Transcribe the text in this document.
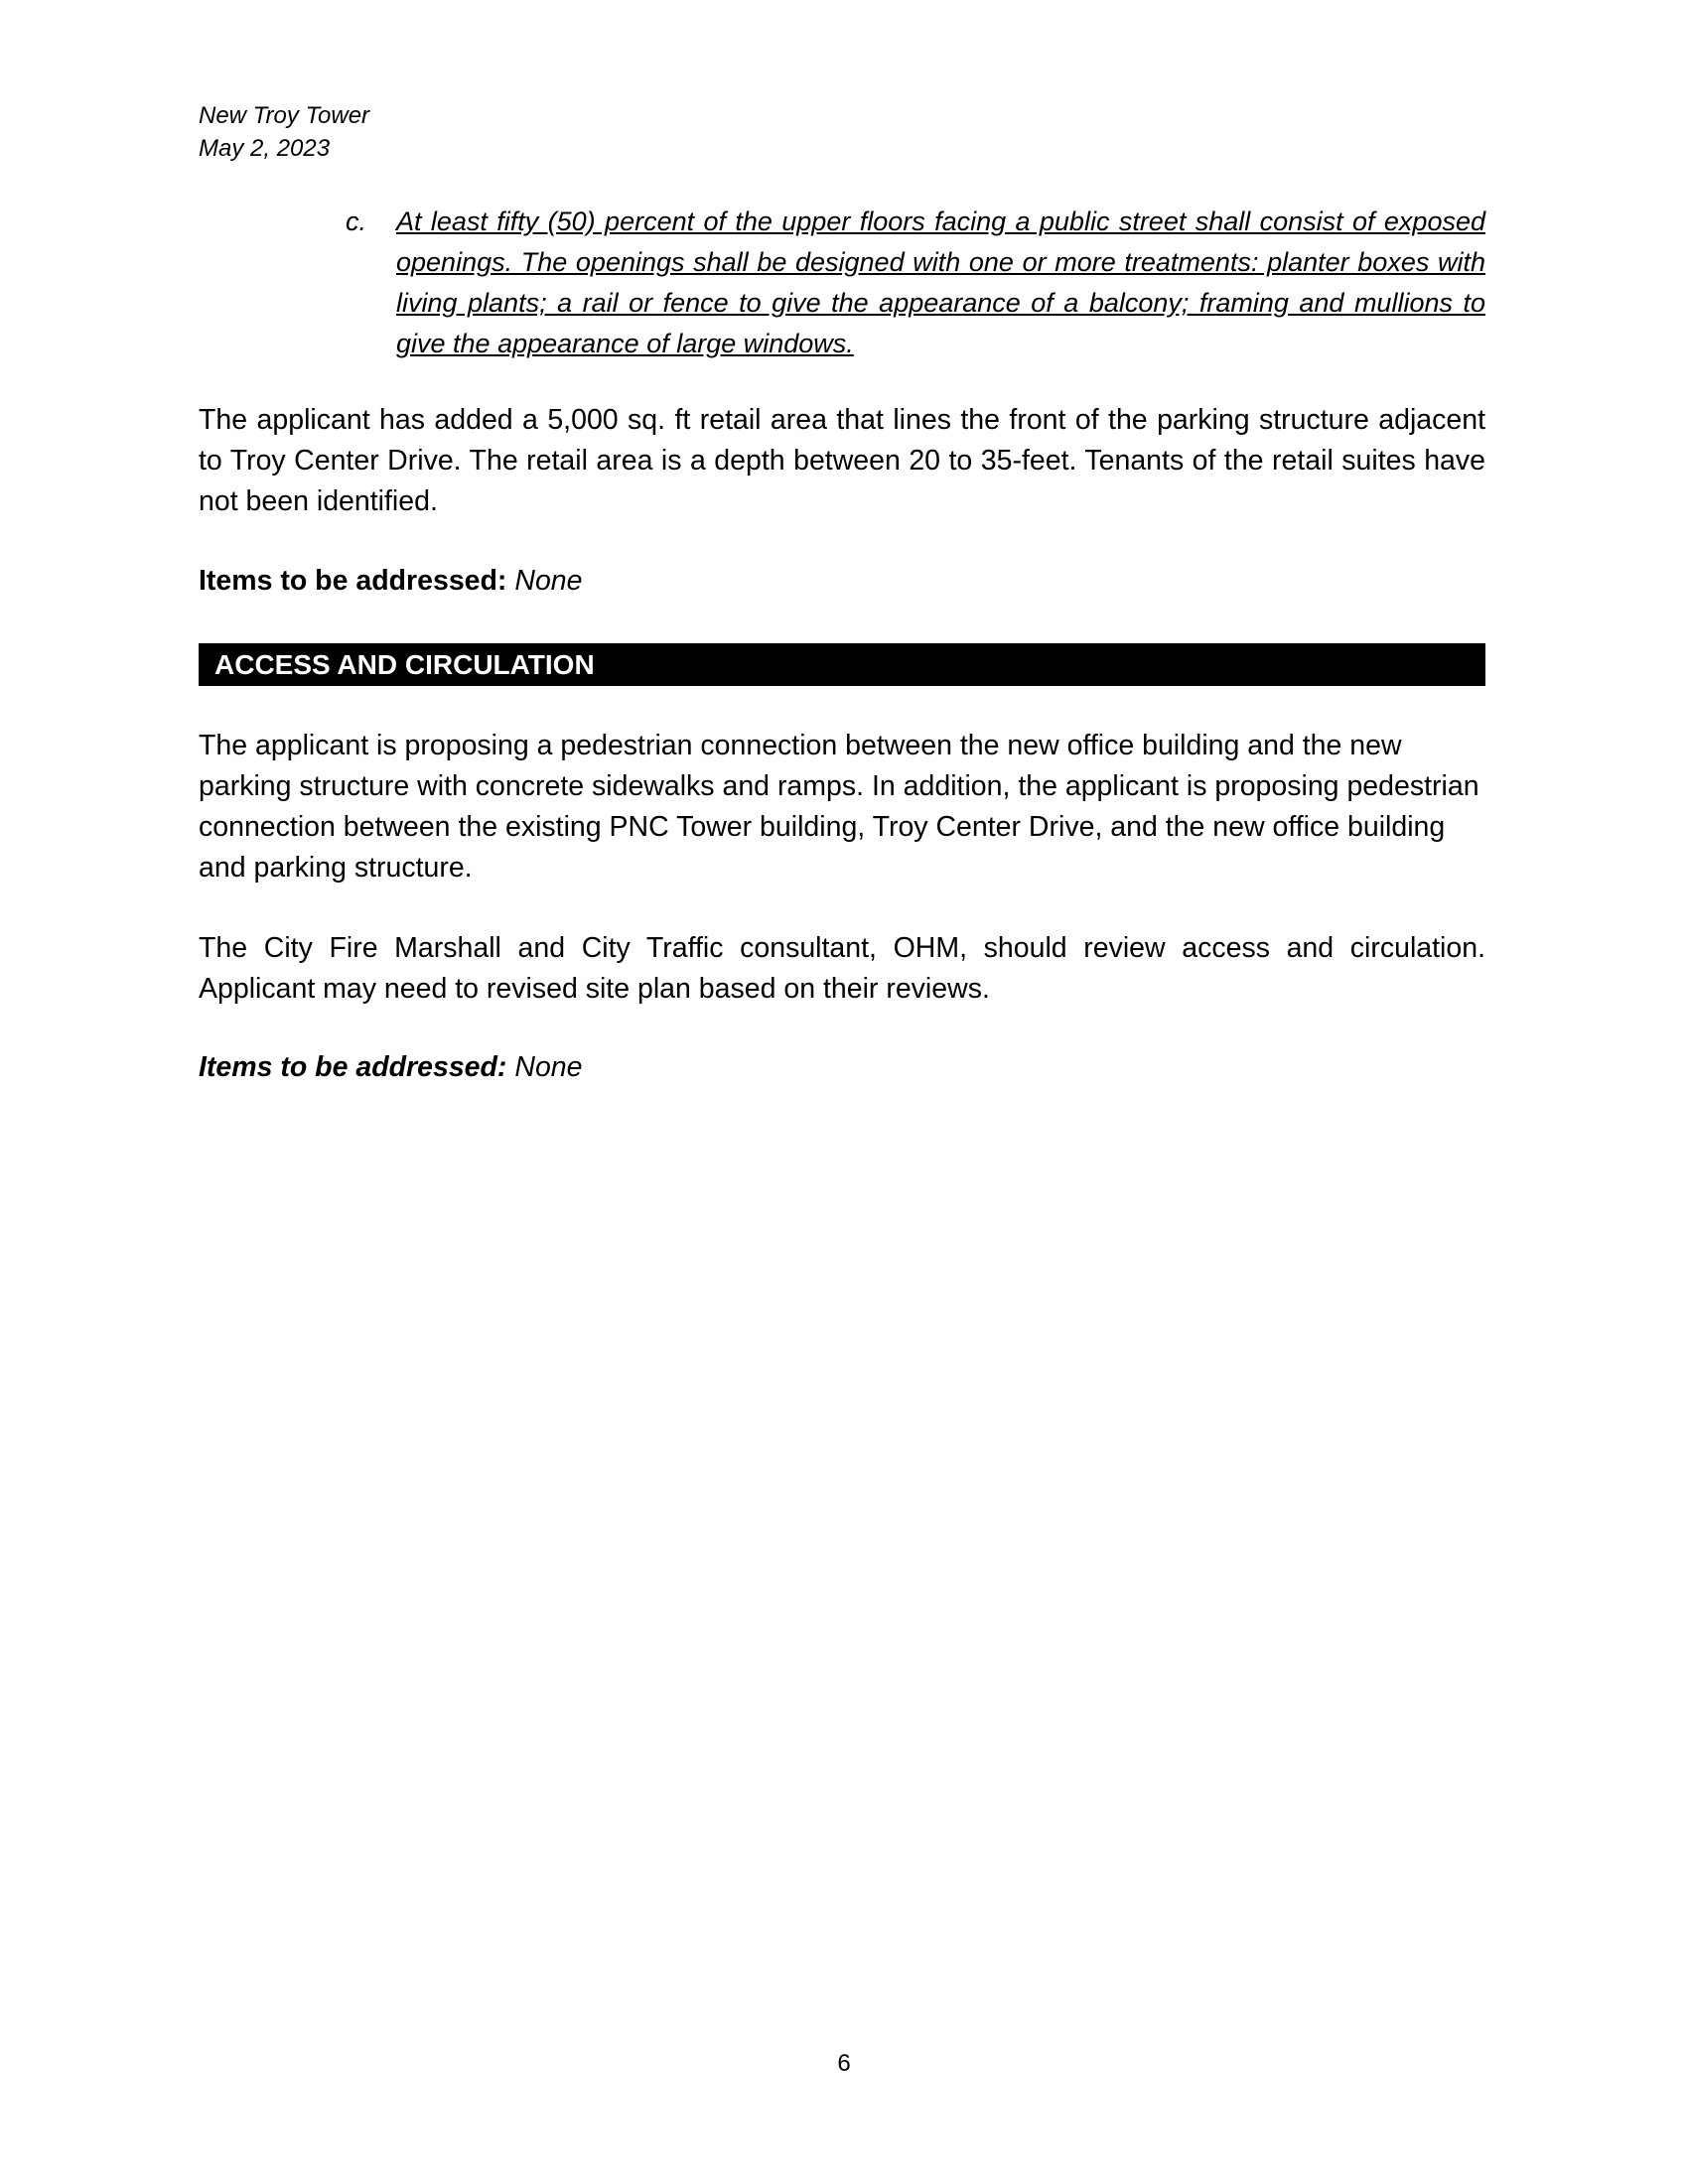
New Troy Tower
May 2, 2023
c. At least fifty (50) percent of the upper floors facing a public street shall consist of exposed openings. The openings shall be designed with one or more treatments: planter boxes with living plants; a rail or fence to give the appearance of a balcony; framing and mullions to give the appearance of large windows.
The applicant has added a 5,000 sq. ft retail area that lines the front of the parking structure adjacent to Troy Center Drive. The retail area is a depth between 20 to 35-feet. Tenants of the retail suites have not been identified.
Items to be addressed: None
ACCESS AND CIRCULATION
The applicant is proposing a pedestrian connection between the new office building and the new parking structure with concrete sidewalks and ramps. In addition, the applicant is proposing pedestrian connection between the existing PNC Tower building, Troy Center Drive, and the new office building and parking structure.
The City Fire Marshall and City Traffic consultant, OHM, should review access and circulation. Applicant may need to revised site plan based on their reviews.
Items to be addressed: None
6
